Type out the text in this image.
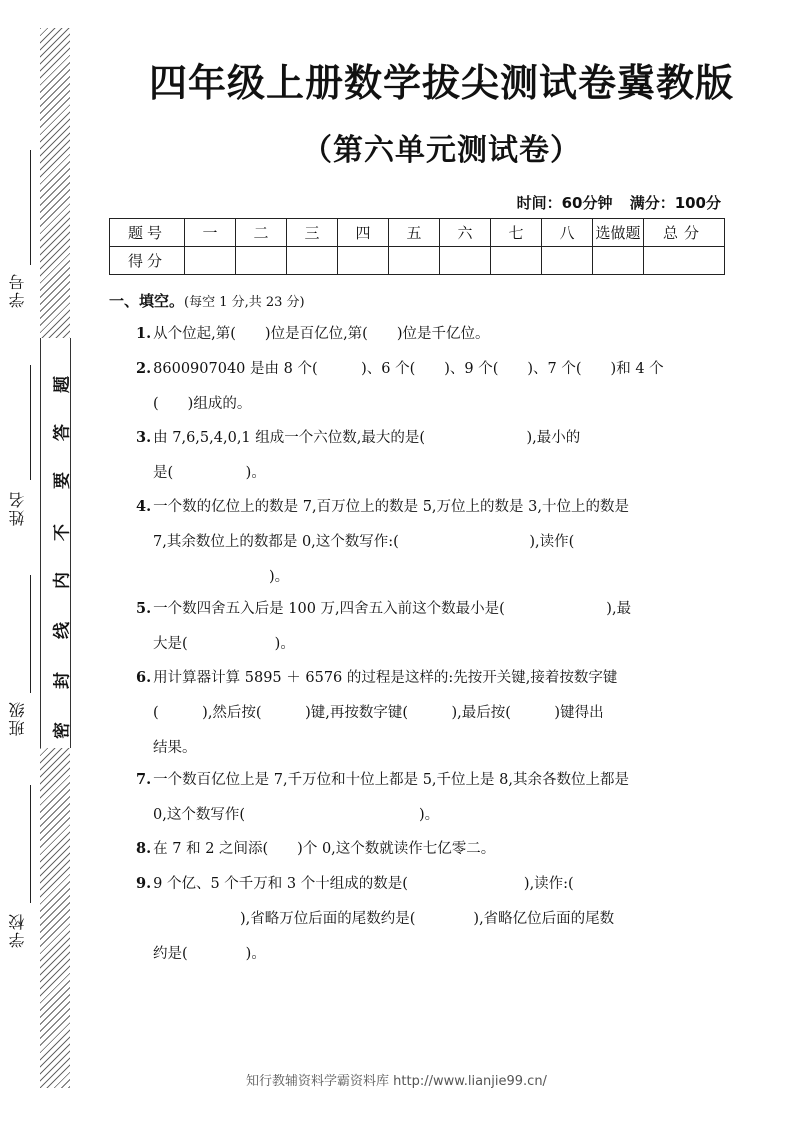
学号
姓名
班级
学校
题
答
要
不
内
线
封
密
四年级上册数学拔尖测试卷冀教版
（第六单元测试卷）
时间：60分钟 满分：100分
题号	一	二	三	四	五	六	七	八	选做题	总分
得分										
一、填空。(每空 1 分,共 23 分)
1. 从个位起,第(　　)位是百亿位,第(　　)位是千亿位。
2. 8600907040 是由 8 个(　　　)、6 个(　　)、9 个(　　)、7 个(　　)和 4 个
(　　)组成的。
3. 由 7,6,5,4,0,1 组成一个六位数,最大的是(　　　　　　　),最小的
是(　　　　　)。
4. 一个数的亿位上的数是 7,百万位上的数是 5,万位上的数是 3,十位上的数是
7,其余数位上的数都是 0,这个数写作:(　　　　　　　　　),读作(
　　　　　　　　)。
5. 一个数四舍五入后是 100 万,四舍五入前这个数最小是(　　　　　　　),最
大是(　　　　　　)。
6. 用计算器计算 5895 ＋ 6576 的过程是这样的:先按开关键,接着按数字键
(　　　),然后按(　　　)键,再按数字键(　　　),最后按(　　　)键得出
结果。
7. 一个数百亿位上是 7,千万位和十位上都是 5,千位上是 8,其余各数位上都是
0,这个数写作(　　　　　　　　　　　　)。
8. 在 7 和 2 之间添(　　)个 0,这个数就读作七亿零二。
9. 9 个亿、5 个千万和 3 个十组成的数是(　　　　　　　　),读作:(
　　　　　　),省略万位后面的尾数约是(　　　　),省略亿位后面的尾数
约是(　　　　)。
知行教辅资料学霸资料库 http://www.lianjie99.cn/
